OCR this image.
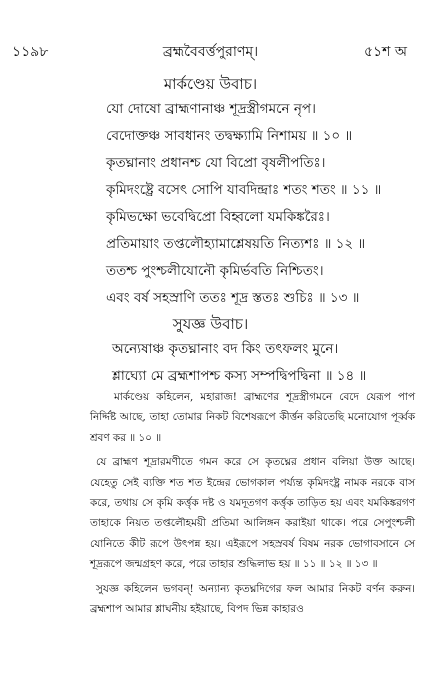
১১৯৮	ব্রহ্মবৈবর্ত্তপুরাণম্।	৫১শ অ
মার্কণ্ডেয় উবাচ।
যো দোষো ব্রাহ্মণানাঞ্চ শূদ্রস্ত্রীগমনে নৃপ।
বেদোক্তঞ্চ সাবধানং তদ্বক্ষ্যামি নিশাময় ॥ ১০ ॥
কৃতঘ্নানাং প্রধানশ্চ যো বিপ্রো বৃষলীপতিঃ।
কৃমিদংষ্ট্রে বসেৎ সোপি যাবদিন্দ্রাঃ শতং শতং ॥ ১১ ॥
কৃমিভক্ষো ভবেদ্বিপ্রো বিহ্বলো যমকিঙ্করৈঃ।
প্রতিমায়াং তপ্তলৌহ্যামাশ্লেষয়তি নিত্যশঃ ॥ ১২ ॥
ততশ্চ পুংশ্চলীযোনৌ কৃমির্ভবতি নিশ্চিতং।
এবং বর্ষ সহস্রাণি ততঃ শূদ্র স্ততঃ শুচিঃ ॥ ১৩ ॥
সুযজ্ঞ উবাচ।
অন্যেষাঞ্চ কৃতঘ্নানাং বদ কিং তৎফলং মুনে।
শ্লাঘ্যো মে ব্রহ্মশাপশ্চ কস্য সম্পদ্বিপদ্বিনা ॥ ১৪ ॥

মার্কণ্ডেয় কহিলেন, মহারাজ! ব্রাহ্মণের শূদ্রস্ত্রীগমনে বেদে যেরূপ পাপ নির্দ্দিষ্ট আছে, তাহা তোমার নিকট বিশেষরূপে কীর্ত্তন করিতেছি মনোযোগ পূর্ব্বক শ্রবণ কর ॥ ১০ ॥

যে ব্রাহ্মণ শূদ্রারমণীতে গমন করে সে কৃতঘ্নের প্রধান বলিয়া উক্ত আছে। যেহেতু সেই ব্যক্তি শত শত ইন্দ্রের ভোগকাল পর্য্যন্ত কৃমিদংষ্ট্র নামক নরকে বাস করে, তথায় সে কৃমি কর্ত্তৃক দষ্ট ও যমদূতগণ কর্ত্তৃক তাড়িত হয় এবং যমকিঙ্করগণ তাহাকে নিয়ত তপ্তলৌহময়ী প্রতিমা আলিঙ্গন করাইয়া থাকে। পরে সেপুংশ্চলী যোনিতে কীট রূপে উৎপন্ন হয়। এইরূপে সহস্রবর্ষ বিষম নরক ভোগাবসানে সে শূদ্ররূপে জন্মগ্রহণ করে, পরে তাহার শুদ্ধিলাভ হয় ॥ ১১ ॥ ১২ ॥ ১৩ ॥

সুযজ্ঞ কহিলেন ভগবন্! অন্যান্য কৃতঘ্নদিগের ফল আমার নিকট বর্ণন করুন। ব্রহ্মশাপ আমার শ্লাঘনীয় হইয়াছে, বিপদ ভিন্ন কাহারও
